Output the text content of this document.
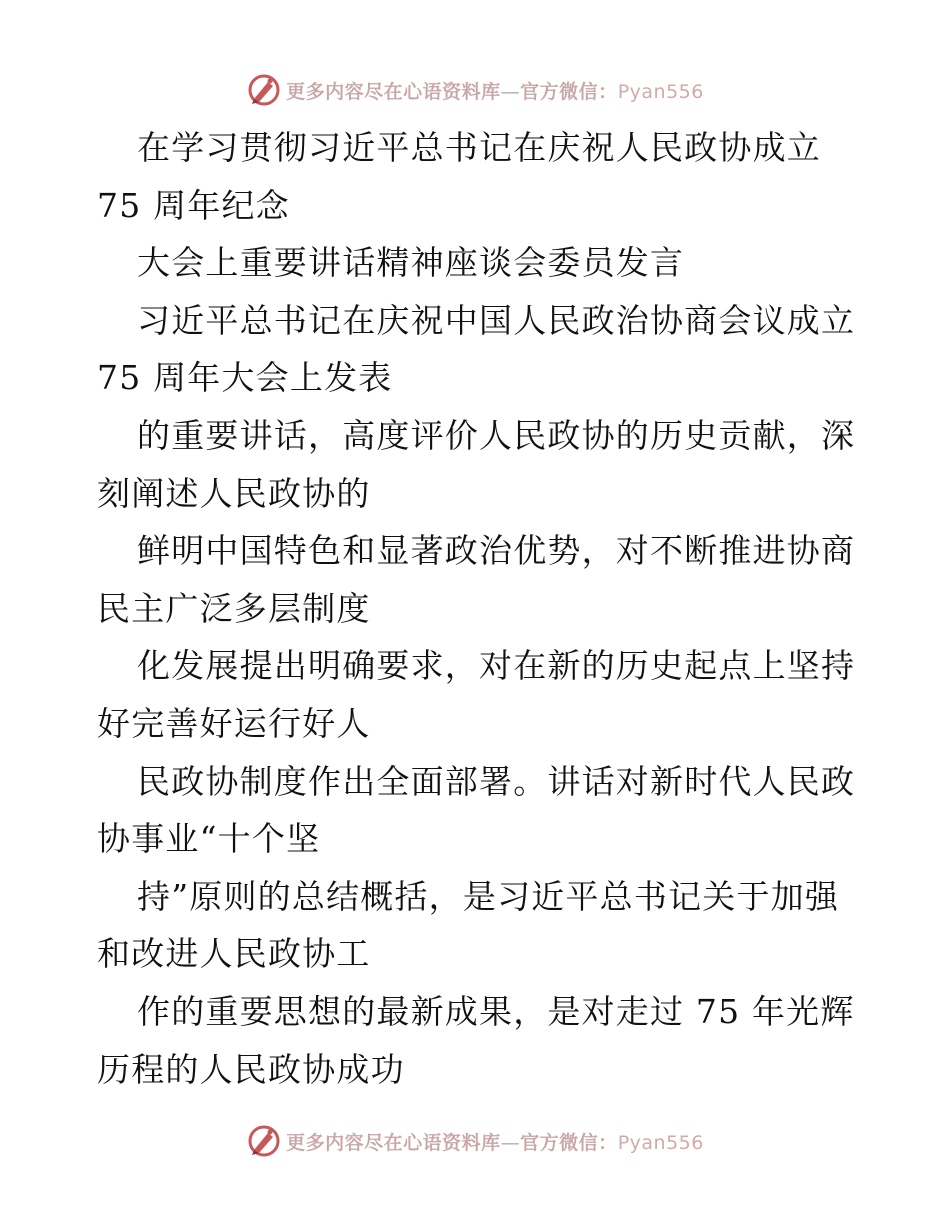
更多内容尽在心语资料库—官方微信：Pyan556
在学习贯彻习近平总书记在庆祝人民政协成立
75 周年纪念
大会上重要讲话精神座谈会委员发言
习近平总书记在庆祝中国人民政治协商会议成立
75 周年大会上发表
的重要讲话，高度评价人民政协的历史贡献，深
刻阐述人民政协的
鲜明中国特色和显著政治优势，对不断推进协商
民主广泛多层制度
化发展提出明确要求，对在新的历史起点上坚持
好完善好运行好人
民政协制度作出全面部署。讲话对新时代人民政
协事业“十个坚
持”原则的总结概括，是习近平总书记关于加强
和改进人民政协工
作的重要思想的最新成果，是对走过 75 年光辉
历程的人民政协成功
更多内容尽在心语资料库—官方微信：Pyan556
